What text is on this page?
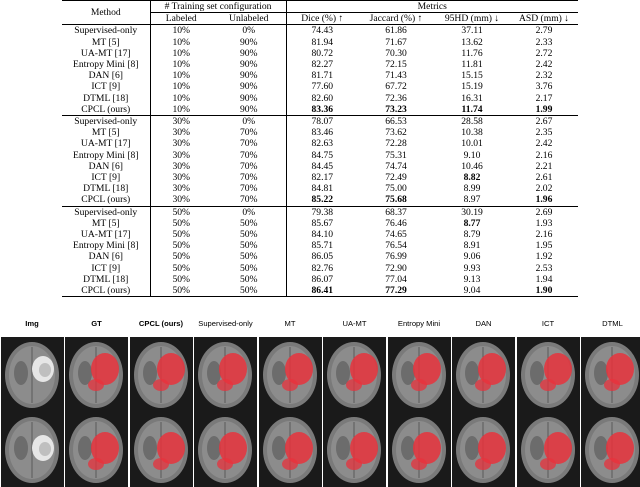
Method	# Training set configuration		Metrics			
	Labeled	Unlabeled	Dice (%) ↑	Jaccard (%) ↑	95HD (mm) ↓	ASD (mm) ↓
Supervised-only	10%	0%	74.43	61.86	37.11	2.79
MT [5]	10%	90%	81.94	71.67	13.62	2.33
UA-MT [17]	10%	90%	80.72	70.30	11.76	2.72
Entropy Mini [8]	10%	90%	82.27	72.15	11.81	2.42
DAN [6]	10%	90%	81.71	71.43	15.15	2.32
ICT [9]	10%	90%	77.60	67.72	15.19	3.76
DTML [18]	10%	90%	82.60	72.36	16.31	2.17
CPCL (ours)	10%	90%	83.36	73.23	11.74	1.99
Supervised-only	30%	0%	78.07	66.53	28.58	2.67
MT [5]	30%	70%	83.46	73.62	10.38	2.35
UA-MT [17]	30%	70%	82.63	72.28	10.01	2.42
Entropy Mini [8]	30%	70%	84.75	75.31	9.10	2.16
DAN [6]	30%	70%	84.45	74.74	10.46	2.21
ICT [9]	30%	70%	82.17	72.49	8.82	2.61
DTML [18]	30%	70%	84.81	75.00	8.99	2.02
CPCL (ours)	30%	70%	85.22	75.68	8.97	1.96
Supervised-only	50%	0%	79.38	68.37	30.19	2.69
MT [5]	50%	50%	85.67	76.46	8.77	1.93
UA-MT [17]	50%	50%	84.10	74.65	8.79	2.16
Entropy Mini [8]	50%	50%	85.71	76.54	8.91	1.95
DAN [6]	50%	50%	86.05	76.99	9.06	1.92
ICT [9]	50%	50%	82.76	72.90	9.93	2.53
DTML [18]	50%	50%	86.07	77.04	9.13	1.94
CPCL (ours)	50%	50%	86.41	77.29	9.04	1.90
Img	GT	CPCL (ours)	Supervised-only	MT	UA-MT	Entropy Mini	DAN	ICT	DTML
